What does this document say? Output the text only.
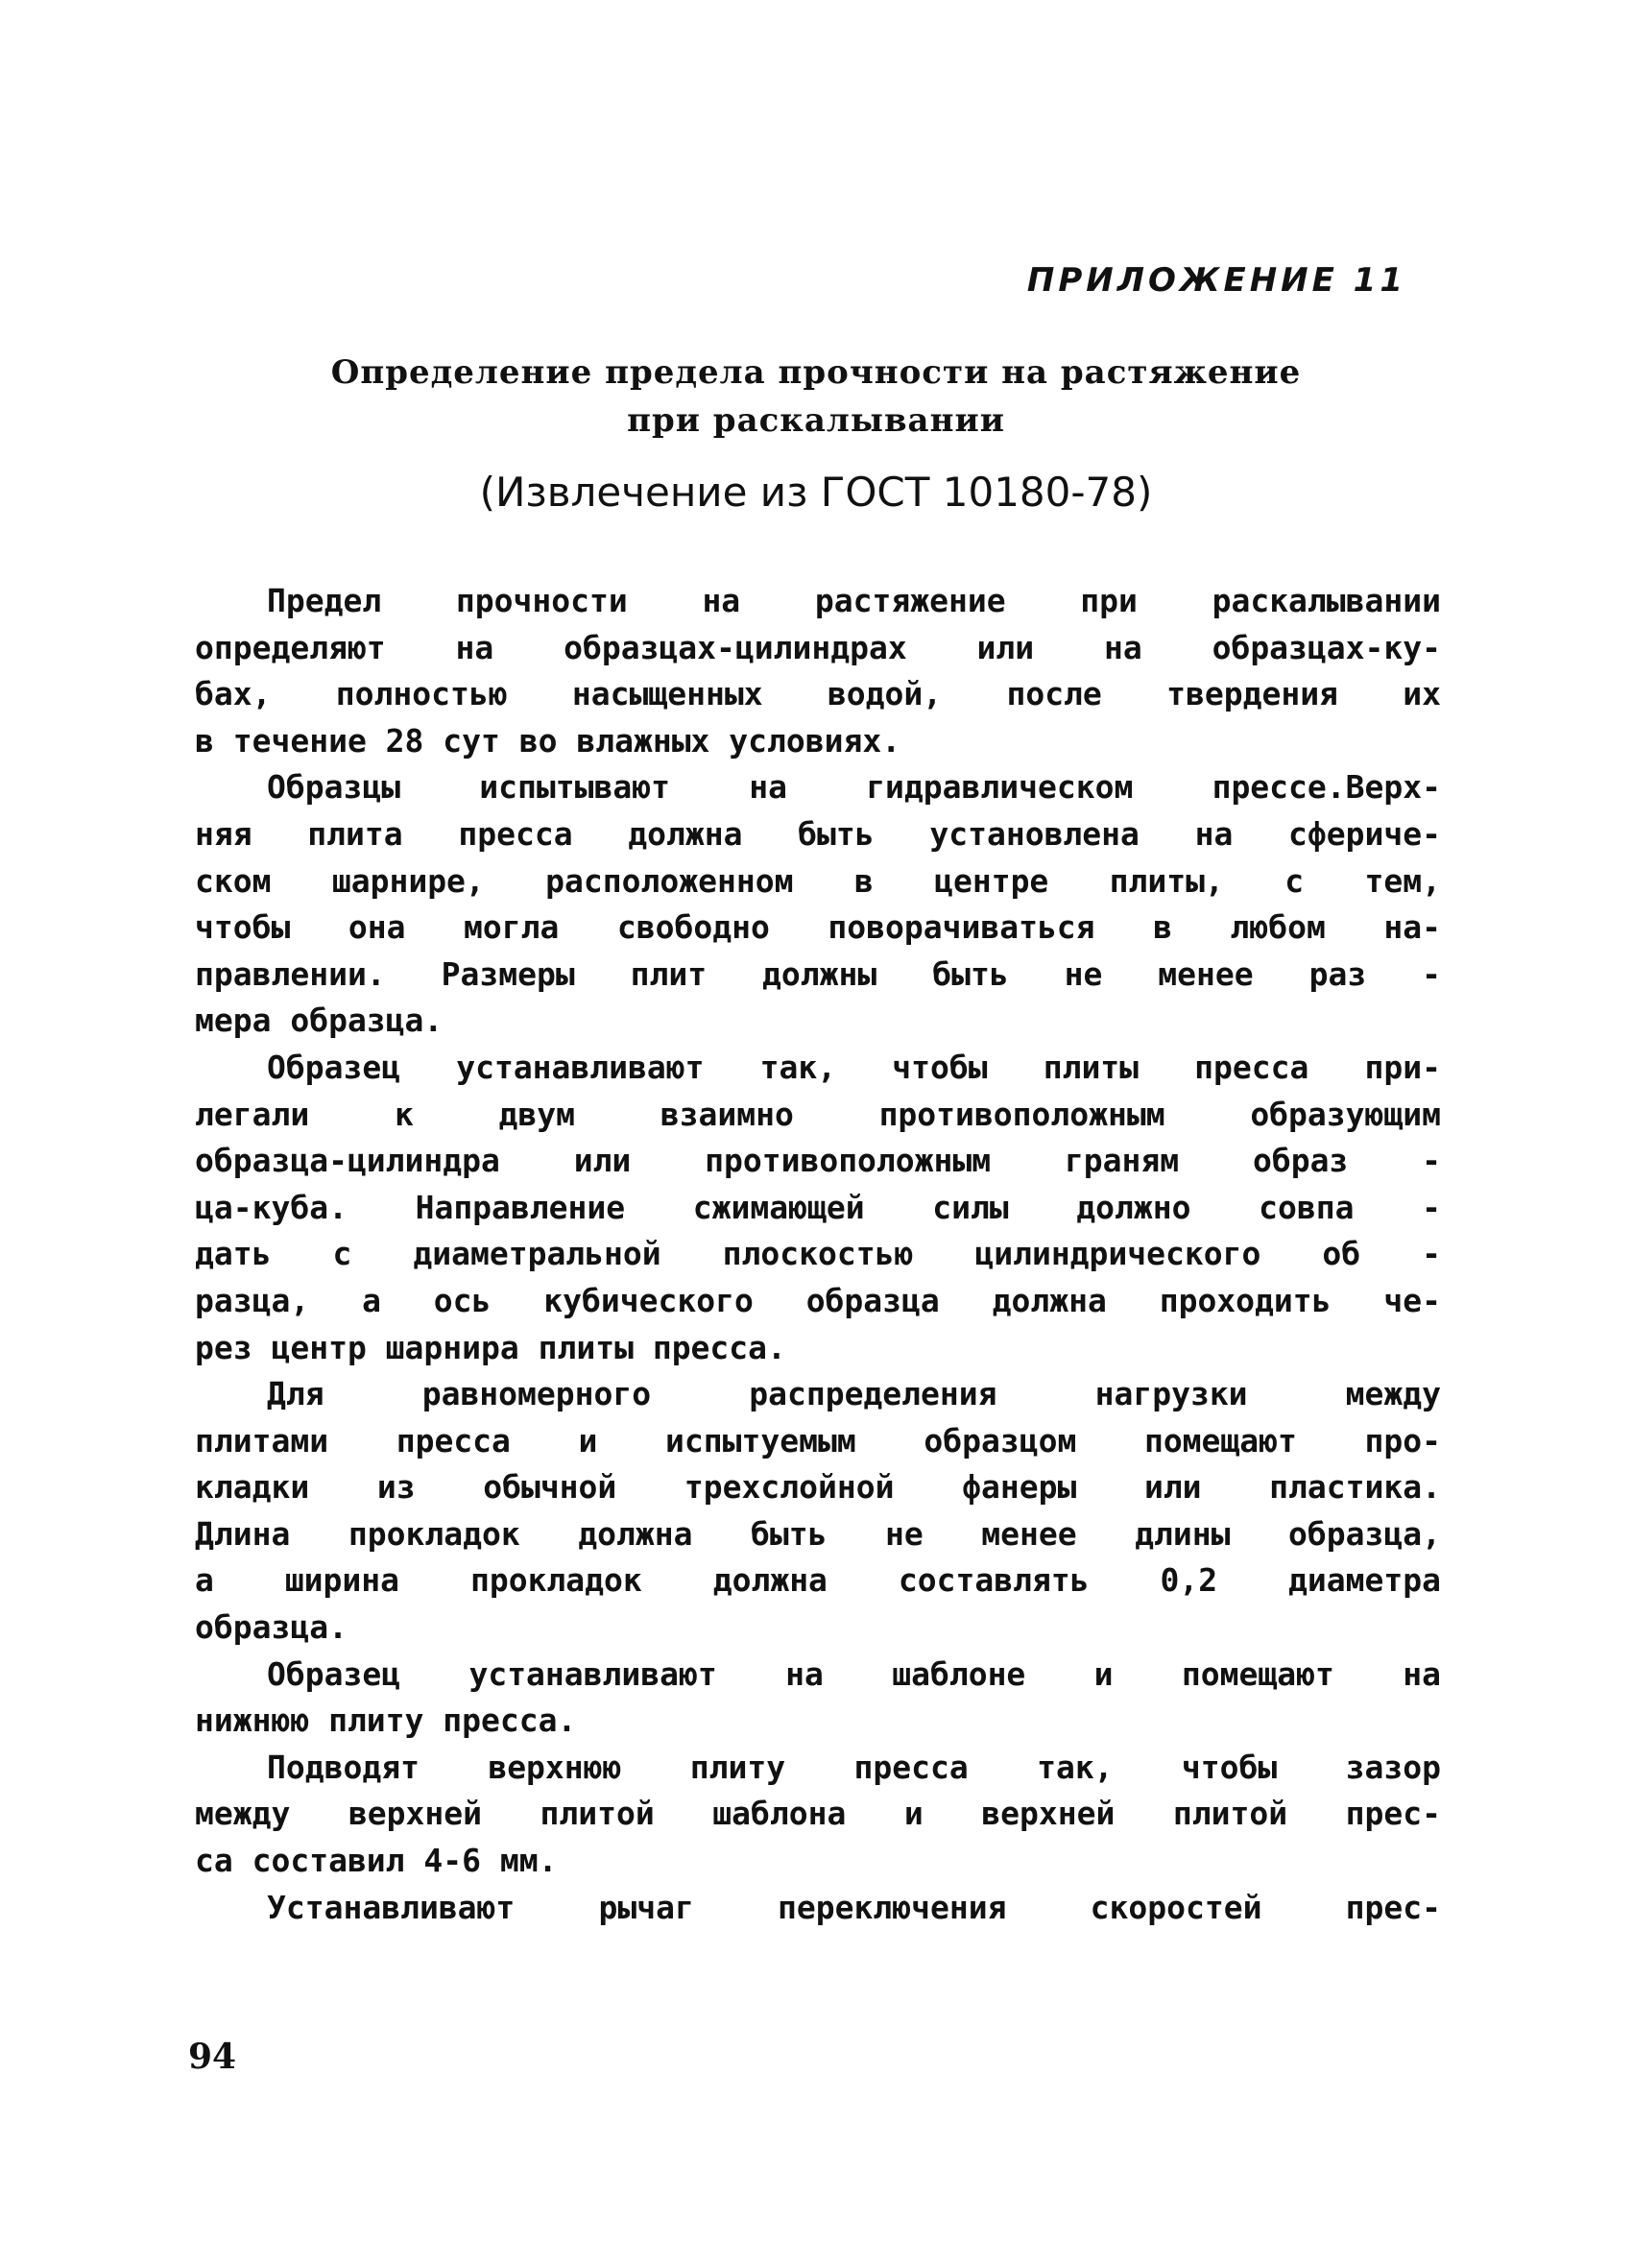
ПРИЛОЖЕНИЕ 11
Определение предела прочности на растяжение
при раскалывании
(Извлечение из ГОСТ 10180-78)
Предел прочности на растяжение при раскалывании
определяют на образцах-цилиндрах или на образцах-ку-
бах, полностью насыщенных водой, после твердения их
в течение 28 сут во влажных условиях.
Образцы испытывают на гидравлическом прессе.Верх-
няя плита пресса должна быть установлена на сфериче-
ском шарнире, расположенном в центре плиты, с тем,
чтобы она могла свободно поворачиваться в любом на-
правлении. Размеры плит должны быть не менее раз -
мера образца.
Образец устанавливают так, чтобы плиты пресса при-
легали к двум взаимно противоположным образующим
образца-цилиндра или противоположным граням образ -
ца-куба. Направление сжимающей силы должно совпа -
дать с диаметральной плоскостью цилиндрического об -
разца, а ось кубического образца должна проходить че-
рез центр шарнира плиты пресса.
Для равномерного распределения нагрузки между
плитами пресса и испытуемым образцом помещают про-
кладки из обычной трехслойной фанеры или пластика.
Длина прокладок должна быть не менее длины образца,
а ширина прокладок должна составлять 0,2 диаметра
образца.
Образец устанавливают на шаблоне и помещают на
нижнюю плиту пресса.
Подводят верхнюю плиту пресса так, чтобы зазор
между верхней плитой шаблона и верхней плитой прес-
са составил 4-6 мм.
Устанавливают рычаг переключения скоростей прес-
94
